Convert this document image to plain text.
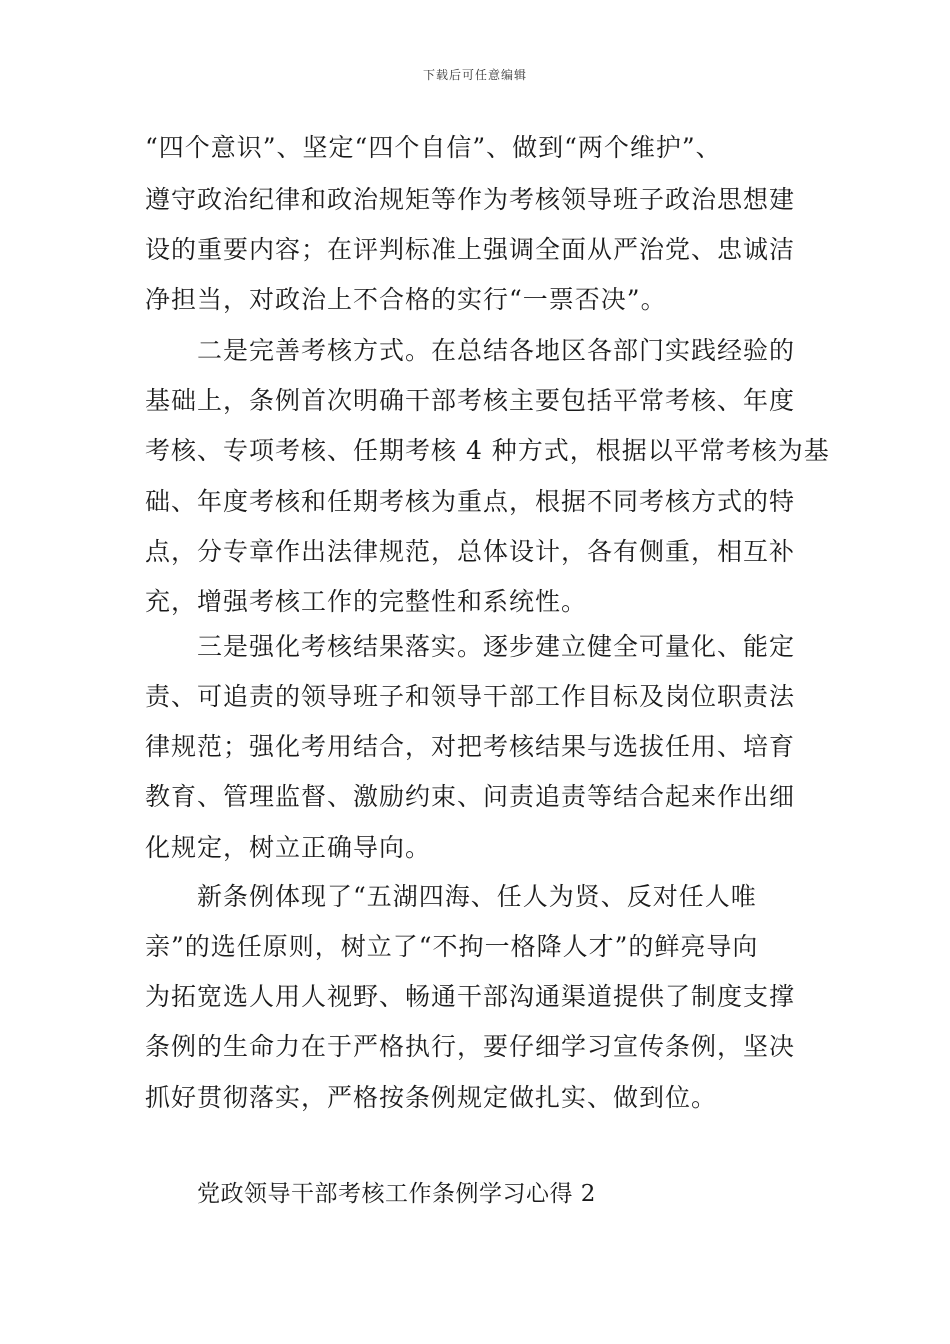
下载后可任意编辑
“四个意识”、坚定“四个自信”、做到“两个维护”、
遵守政治纪律和政治规矩等作为考核领导班子政治思想建
设的重要内容；在评判标准上强调全面从严治党、忠诚洁
净担当，对政治上不合格的实行“一票否决”。
二是完善考核方式。在总结各地区各部门实践经验的
基础上，条例首次明确干部考核主要包括平常考核、年度
考核、专项考核、任期考核 4 种方式，根据以平常考核为基
础、年度考核和任期考核为重点，根据不同考核方式的特
点，分专章作出法律规范，总体设计，各有侧重，相互补
充，增强考核工作的完整性和系统性。
三是强化考核结果落实。逐步建立健全可量化、能定
责、可追责的领导班子和领导干部工作目标及岗位职责法
律规范；强化考用结合，对把考核结果与选拔任用、培育
教育、管理监督、激励约束、问责追责等结合起来作出细
化规定，树立正确导向。
新条例体现了“五湖四海、任人为贤、反对任人唯
亲”的选任原则，树立了“不拘一格降人才”的鲜亮导向
为拓宽选人用人视野、畅通干部沟通渠道提供了制度支撑
条例的生命力在于严格执行，要仔细学习宣传条例，坚决
抓好贯彻落实，严格按条例规定做扎实、做到位。
党政领导干部考核工作条例学习心得 2
